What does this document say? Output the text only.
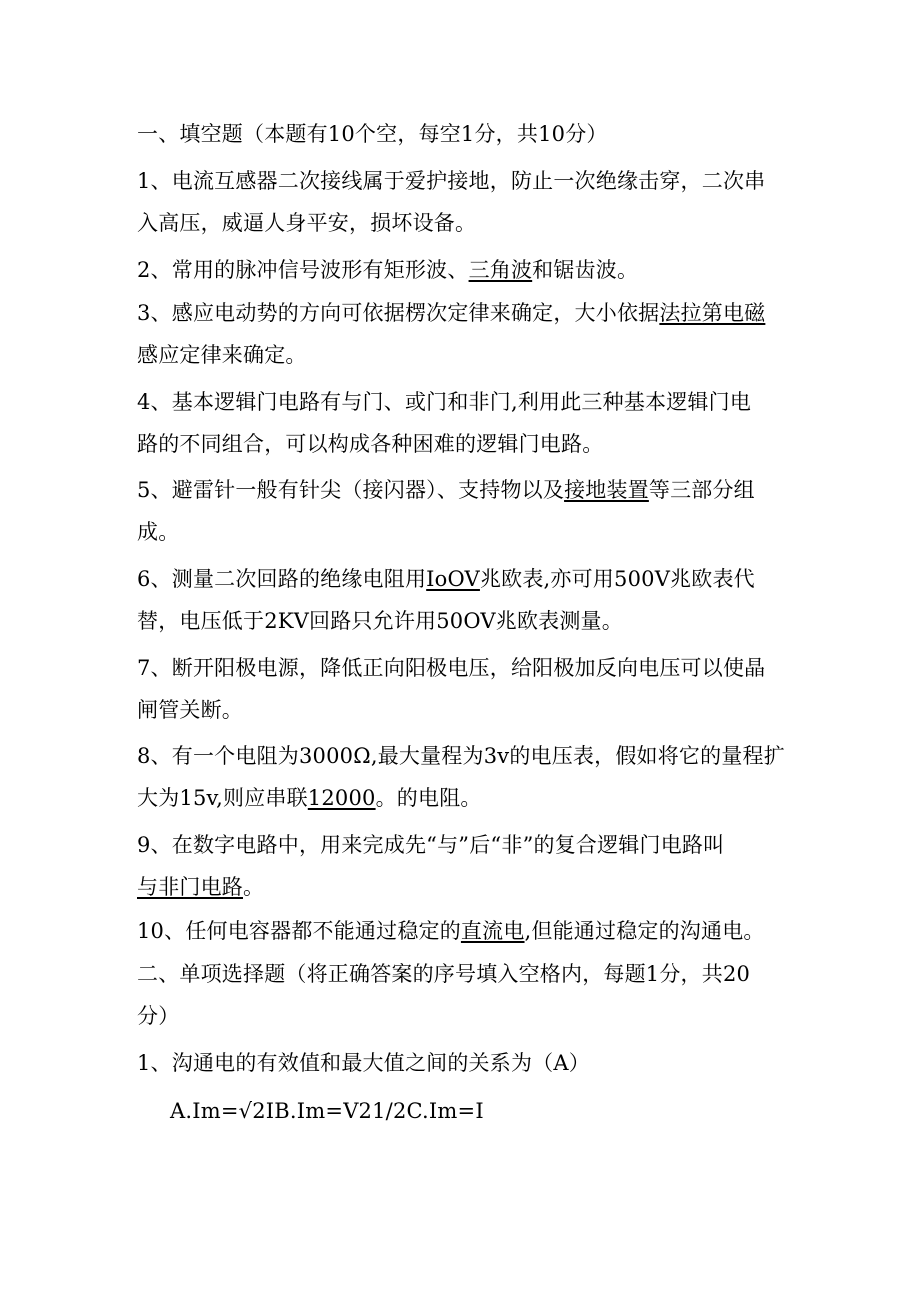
一、填空题（本题有10个空，每空1分，共10分）
1、电流互感器二次接线属于爱护接地，防止一次绝缘击穿，二次串
入高压，威逼人身平安，损坏设备。
2、常用的脉冲信号波形有矩形波、三角波和锯齿波。
3、感应电动势的方向可依据楞次定律来确定，大小依据法拉第电磁
感应定律来确定。
4、基本逻辑门电路有与门、或门和非门,利用此三种基本逻辑门电
路的不同组合，可以构成各种困难的逻辑门电路。
5、避雷针一般有针尖（接闪器）、支持物以及接地装置等三部分组
成。
6、测量二次回路的绝缘电阻用IoOV兆欧表,亦可用500V兆欧表代
替，电压低于2KV回路只允许用50OV兆欧表测量。
7、断开阳极电源，降低正向阳极电压，给阳极加反向电压可以使晶
闸管关断。
8、有一个电阻为3000Ω,最大量程为3v的电压表，假如将它的量程扩
大为15v,则应串联12000。的电阻。
9、在数字电路中，用来完成先“与”后“非”的复合逻辑门电路叫
与非门电路。
10、任何电容器都不能通过稳定的直流电,但能通过稳定的沟通电。
二、单项选择题（将正确答案的序号填入空格内，每题1分，共20
分）
1、沟通电的有效值和最大值之间的关系为（A）
A.Im=√2IB.Im=V21/2C.Im=I
